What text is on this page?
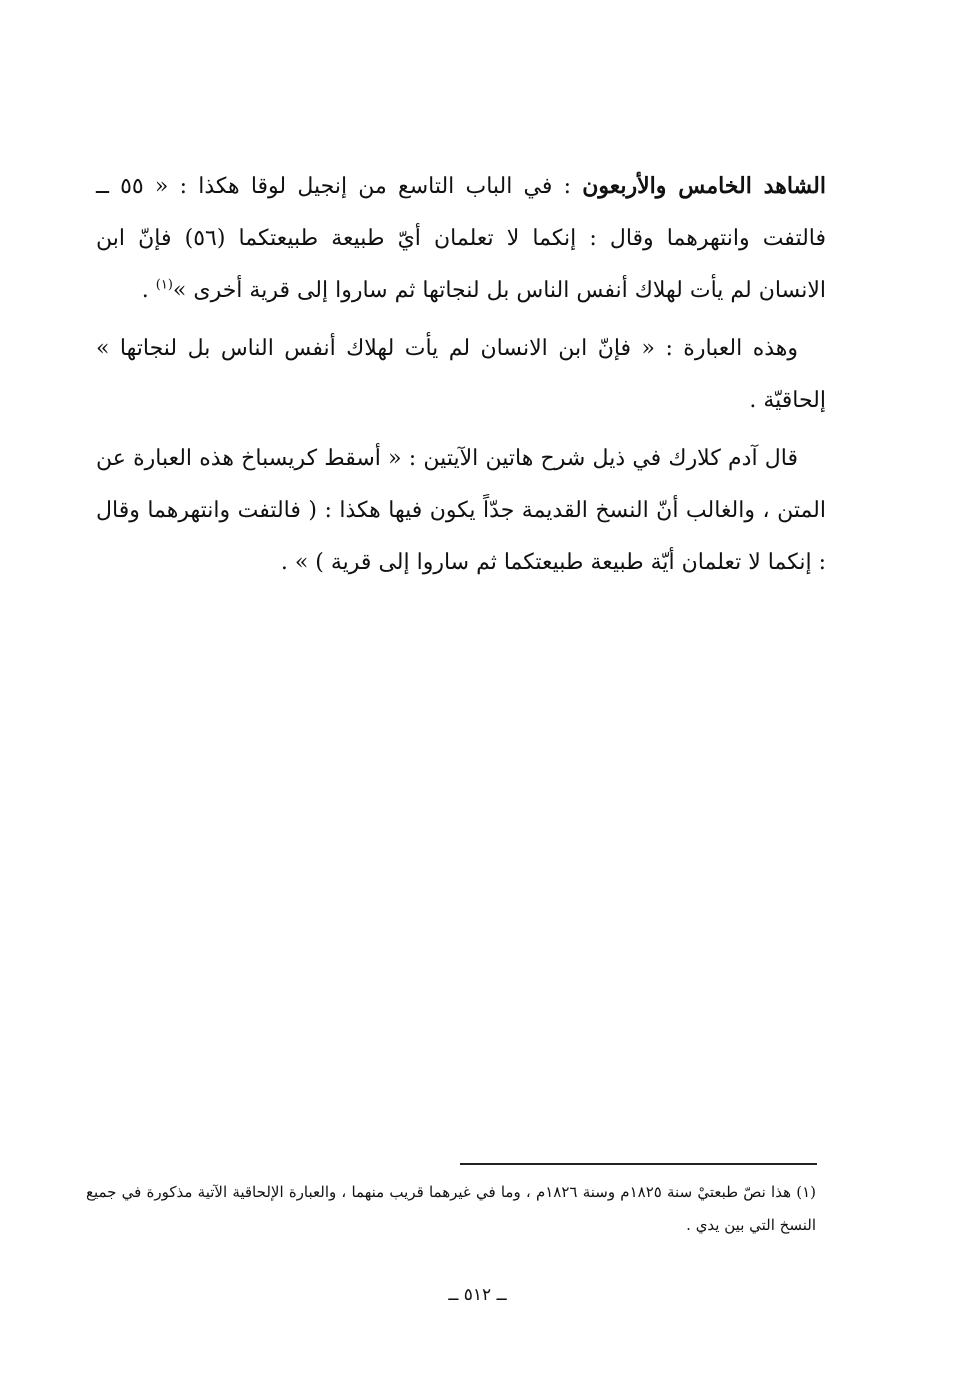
الشاهد الخامس والأربعون : في الباب التاسع من إنجيل لوقا هكذا : « ٥٥ ــ فالتفت وانتهرهما وقال : إنكما لا تعلمان أيّ طبيعة طبيعتكما (٥٦) فإنّ ابن الانسان لم يأت لهلاك أنفس الناس بل لنجاتها ثم ساروا إلى قرية أخرى »$^{(١)}$ .

وهذه العبارة : « فإنّ ابن الانسان لم يأت لهلاك أنفس الناس بل لنجاتها » إلحاقيّة .

قال آدم كلارك في ذيل شرح هاتين الآيتين : « أسقط كريسباخ هذه العبارة عن المتن ، والغالب أنّ النسخ القديمة جدّاً يكون فيها هكذا : ( فالتفت وانتهرهما وقال : إنكما لا تعلمان أيّة طبيعة طبيعتكما ثم ساروا إلى قرية ) » .

(١) هذا نصّ طبعتيْ سنة ١٨٢٥م وسنة ١٨٢٦م ، وما في غيرهما قريب منهما ، والعبارة الإلحاقية الآتية مذكورة في جميع النسخ التي بين يدي .
ــ ٥١٢ ــ
